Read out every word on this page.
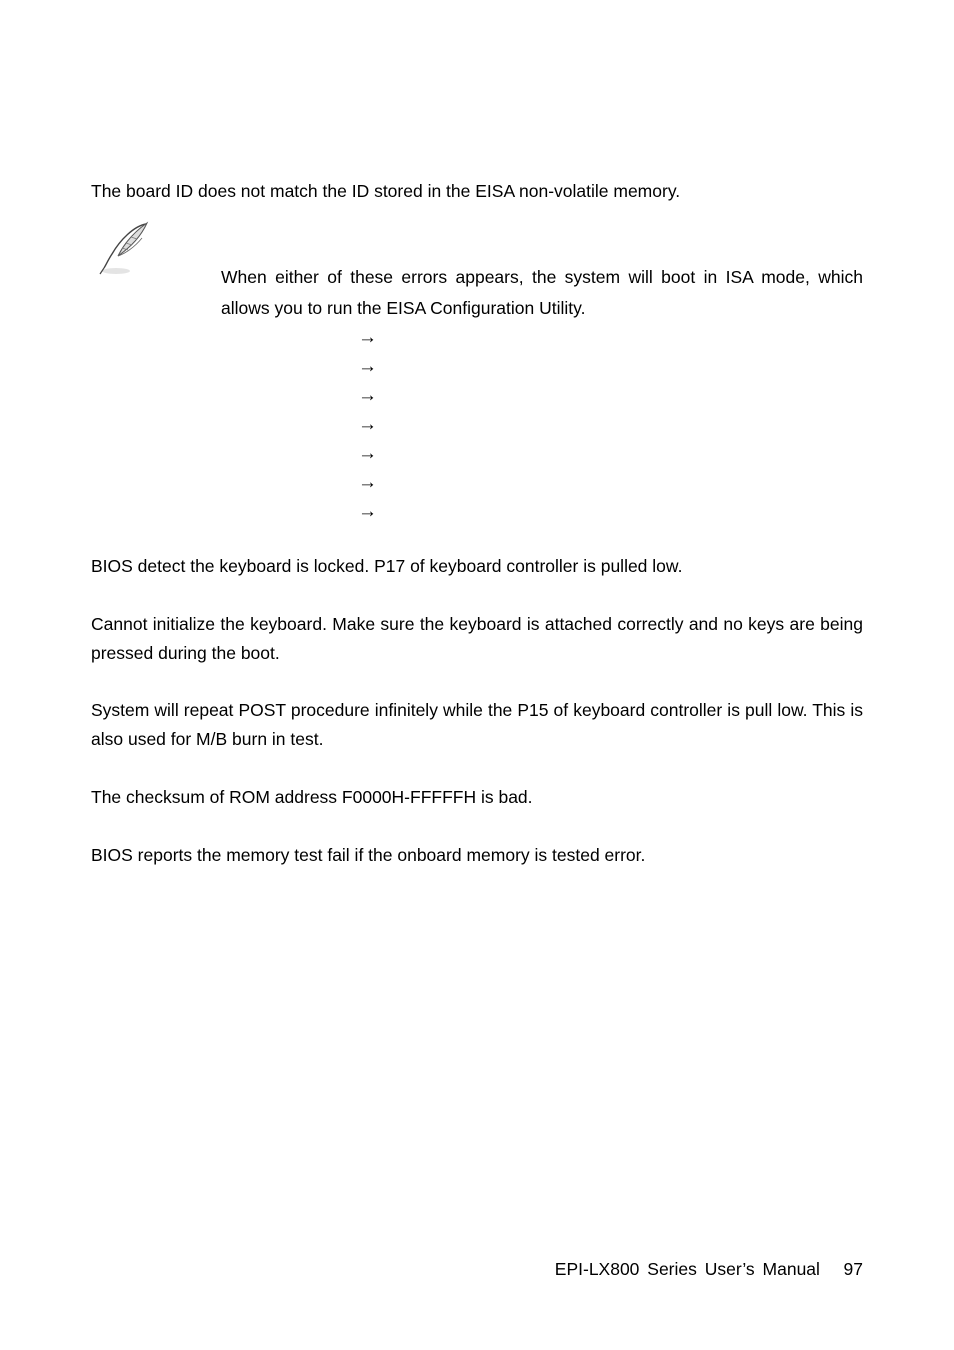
The board ID does not match the ID stored in the EISA non-volatile memory.

When either of these errors appears, the system will boot in ISA mode, which allows you to run the EISA Configuration Utility.

→
→
→
→
→
→
→

BIOS detect the keyboard is locked. P17 of keyboard controller is pulled low.

Cannot initialize the keyboard. Make sure the keyboard is attached correctly and no keys are being pressed during the boot.

System will repeat POST procedure infinitely while the P15 of keyboard controller is pull low. This is also used for M/B burn in test.

The checksum of ROM address F0000H-FFFFFH is bad.

BIOS reports the memory test fail if the onboard memory is tested error.

EPI-LX800 Series User’s Manual 97
